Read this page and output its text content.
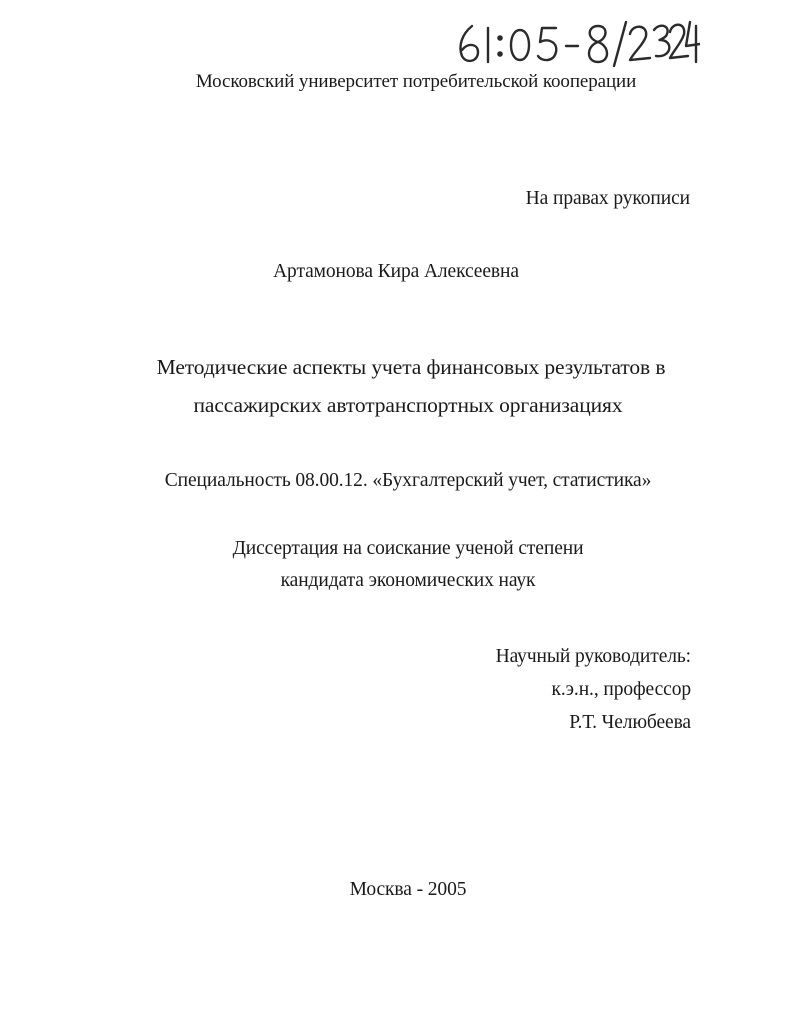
Московский университет потребительской кооперации
На правах рукописи
Артамонова Кира Алексеевна
Методические аспекты учета финансовых результатов в
пассажирских автотранспортных организациях
Специальность 08.00.12. «Бухгалтерский учет, статистика»
Диссертация на соискание ученой степени
кандидата экономических наук
Научный руководитель:
к.э.н., профессор
Р.Т. Челюбеева
Москва - 2005
